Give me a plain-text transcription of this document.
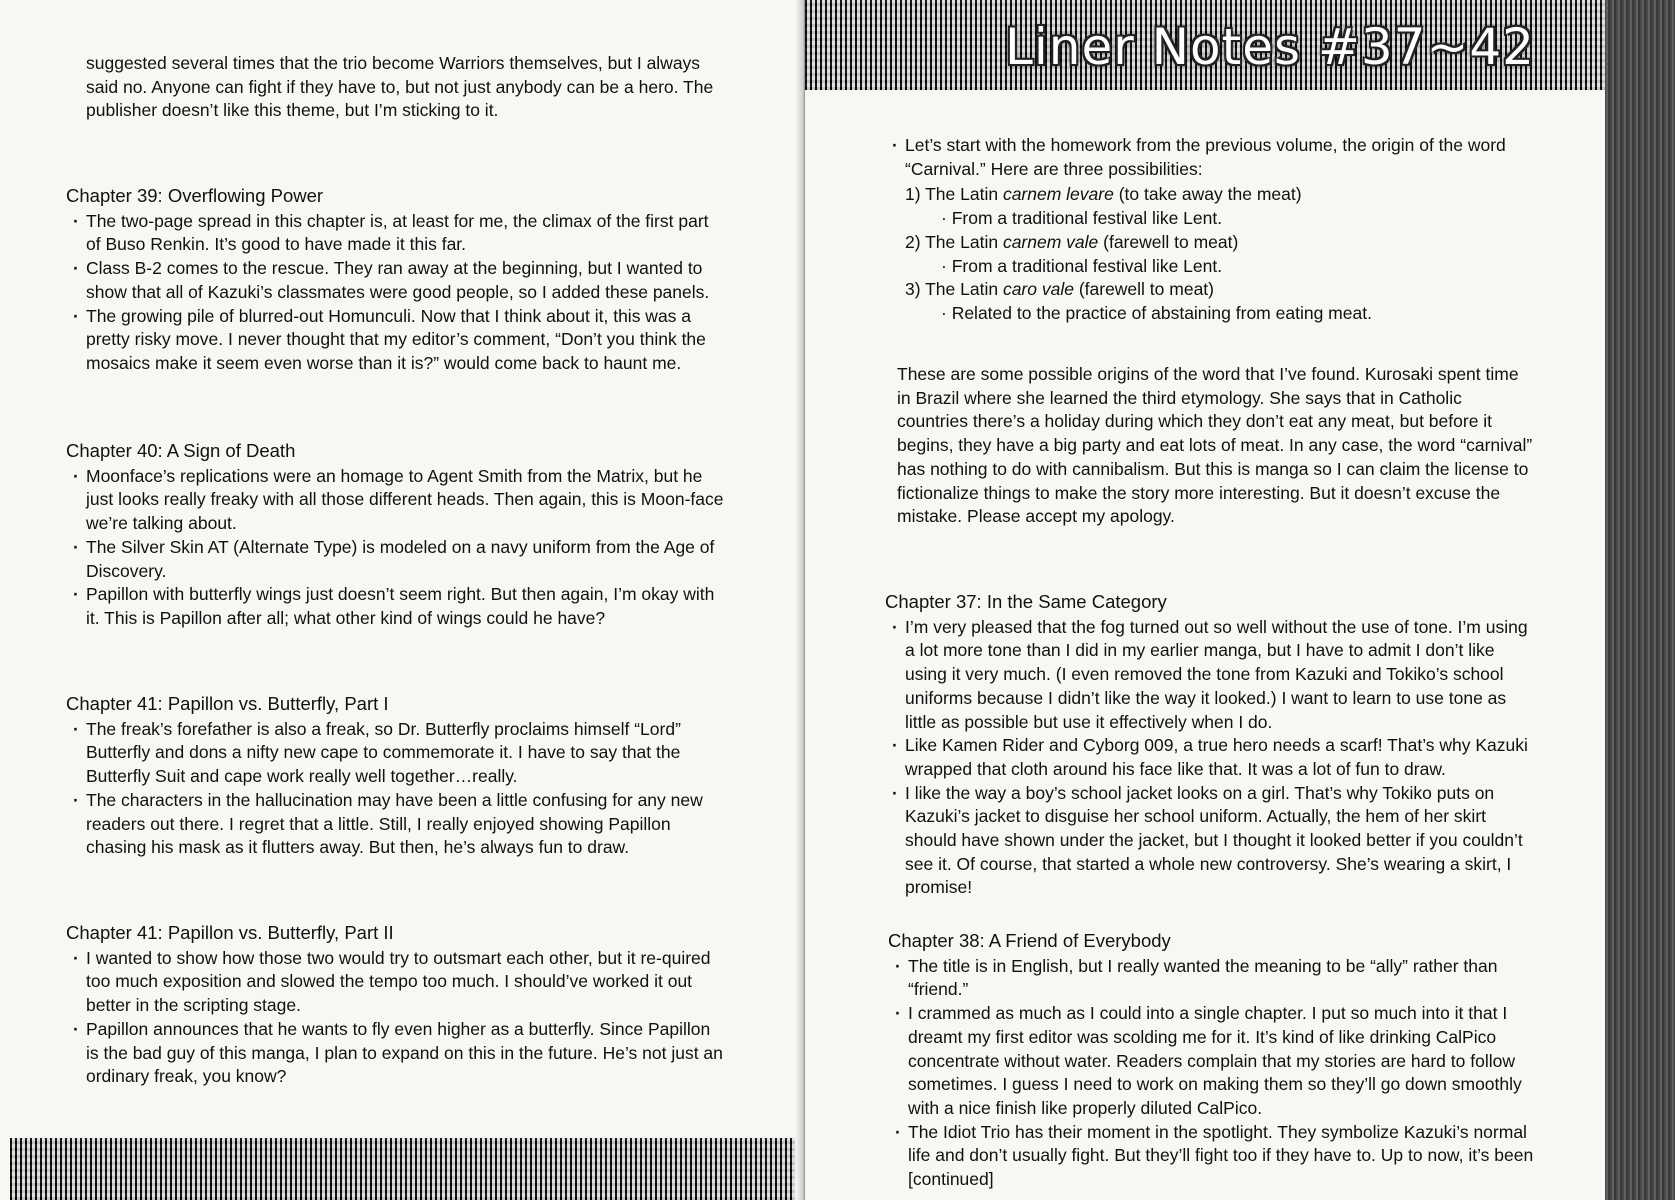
suggested several times that the trio become Warriors themselves, but I always said no. Anyone can fight if they have to, but not just anybody can be a hero. The publisher doesn’t like this theme, but I’m sticking to it.
Chapter 39: Overflowing Power
· The two-page spread in this chapter is, at least for me, the climax of the first part of Buso Renkin. It’s good to have made it this far.
· Class B-2 comes to the rescue. They ran away at the beginning, but I wanted to show that all of Kazuki’s classmates were good people, so I added these panels.
· The growing pile of blurred-out Homunculi. Now that I think about it, this was a pretty risky move. I never thought that my editor’s comment, “Don’t you think the mosaics make it seem even worse than it is?” would come back to haunt me.
Chapter 40: A Sign of Death
· Moonface’s replications were an homage to Agent Smith from the Matrix, but he just looks really freaky with all those different heads. Then again, this is Moon-face we’re talking about.
· The Silver Skin AT (Alternate Type) is modeled on a navy uniform from the Age of Discovery.
· Papillon with butterfly wings just doesn’t seem right. But then again, I’m okay with it. This is Papillon after all; what other kind of wings could he have?
Chapter 41: Papillon vs. Butterfly, Part I
· The freak’s forefather is also a freak, so Dr. Butterfly proclaims himself “Lord” Butterfly and dons a nifty new cape to commemorate it. I have to say that the Butterfly Suit and cape work really well together…really.
· The characters in the hallucination may have been a little confusing for any new readers out there. I regret that a little. Still, I really enjoyed showing Papillon chasing his mask as it flutters away. But then, he’s always fun to draw.
Chapter 41: Papillon vs. Butterfly, Part II
· I wanted to show how those two would try to outsmart each other, but it re-quired too much exposition and slowed the tempo too much. I should’ve worked it out better in the scripting stage.
· Papillon announces that he wants to fly even higher as a butterfly. Since Papillon is the bad guy of this manga, I plan to expand on this in the future. He’s not just an ordinary freak, you know?
Liner Notes #37~42
· Let’s start with the homework from the previous volume, the origin of the word “Carnival.” Here are three possibilities:
1) The Latin carnem levare (to take away the meat)
· From a traditional festival like Lent.
2) The Latin carnem vale (farewell to meat)
· From a traditional festival like Lent.
3) The Latin caro vale (farewell to meat)
· Related to the practice of abstaining from eating meat.

These are some possible origins of the word that I’ve found. Kurosaki spent time in Brazil where she learned the third etymology. She says that in Catholic countries there’s a holiday during which they don’t eat any meat, but before it begins, they have a big party and eat lots of meat. In any case, the word “carnival” has nothing to do with cannibalism. But this is manga so I can claim the license to fictionalize things to make the story more interesting. But it doesn’t excuse the mistake. Please accept my apology.

Chapter 37: In the Same Category
· I’m very pleased that the fog turned out so well without the use of tone. I’m using a lot more tone than I did in my earlier manga, but I have to admit I don’t like using it very much. (I even removed the tone from Kazuki and Tokiko’s school uniforms because I didn’t like the way it looked.) I want to learn to use tone as little as possible but use it effectively when I do.
· Like Kamen Rider and Cyborg 009, a true hero needs a scarf! That’s why Kazuki wrapped that cloth around his face like that. It was a lot of fun to draw.
· I like the way a boy’s school jacket looks on a girl. That’s why Tokiko puts on Kazuki’s jacket to disguise her school uniform. Actually, the hem of her skirt should have shown under the jacket, but I thought it looked better if you couldn’t see it. Of course, that started a whole new controversy. She’s wearing a skirt, I promise!
Chapter 38: A Friend of Everybody
· The title is in English, but I really wanted the meaning to be “ally” rather than “friend.”
· I crammed as much as I could into a single chapter. I put so much into it that I dreamt my first editor was scolding me for it. It’s kind of like drinking CalPico concentrate without water. Readers complain that my stories are hard to follow sometimes. I guess I need to work on making them so they’ll go down smoothly with a nice finish like properly diluted CalPico.
· The Idiot Trio has their moment in the spotlight. They symbolize Kazuki’s normal life and don’t usually fight. But they’ll fight too if they have to. Up to now, it’s been [continued]
